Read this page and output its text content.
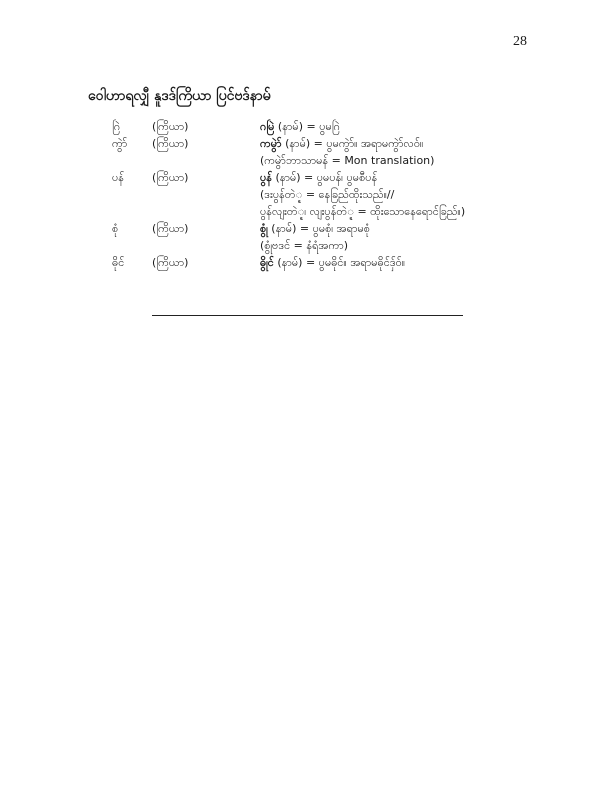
28
ဝေါဟာရလျှီ နူဒဒ်ကြိယာ ပြင်ဗဒ်နာမ်
ဂြဲ	(ကြိယာ)	ဂမြဲ (နာမ်) = ပွမဂြဲ
ကွဲာ်	(ကြိယာ)	ကမွဲာ် (နာမ်) = ပွမကွဲာ်။ အရာမကွဲာ်လဝ်။
(ကမွဲာ်ဘာသာမန် = Mon translation)
ပန်	(ကြိယာ)	ပွန် (နာမ်) = ပွမပန်၊ ပွမစီပန်
(ဒးပွန်တဲ္ဍ = နေခြည်ထိုးသည်။//
ပွန်လျးတဲ္ဍ၊ လျးပွန်တဲ္ဍ = ထိုးသောနေရောင်ခြည်။)
စုံ	(ကြိယာ)	စွုံ (နာမ်) = ပွမစုံ၊ အရာမစုံ
(စွုံဗဒင် = နံရံအကာ)
ဓိုင်	(ကြိယာ)	ဓွိုင် (နာမ်) = ပွမဓိုင်။ အရာမဓိုင်ဒှ်ဝ်။
